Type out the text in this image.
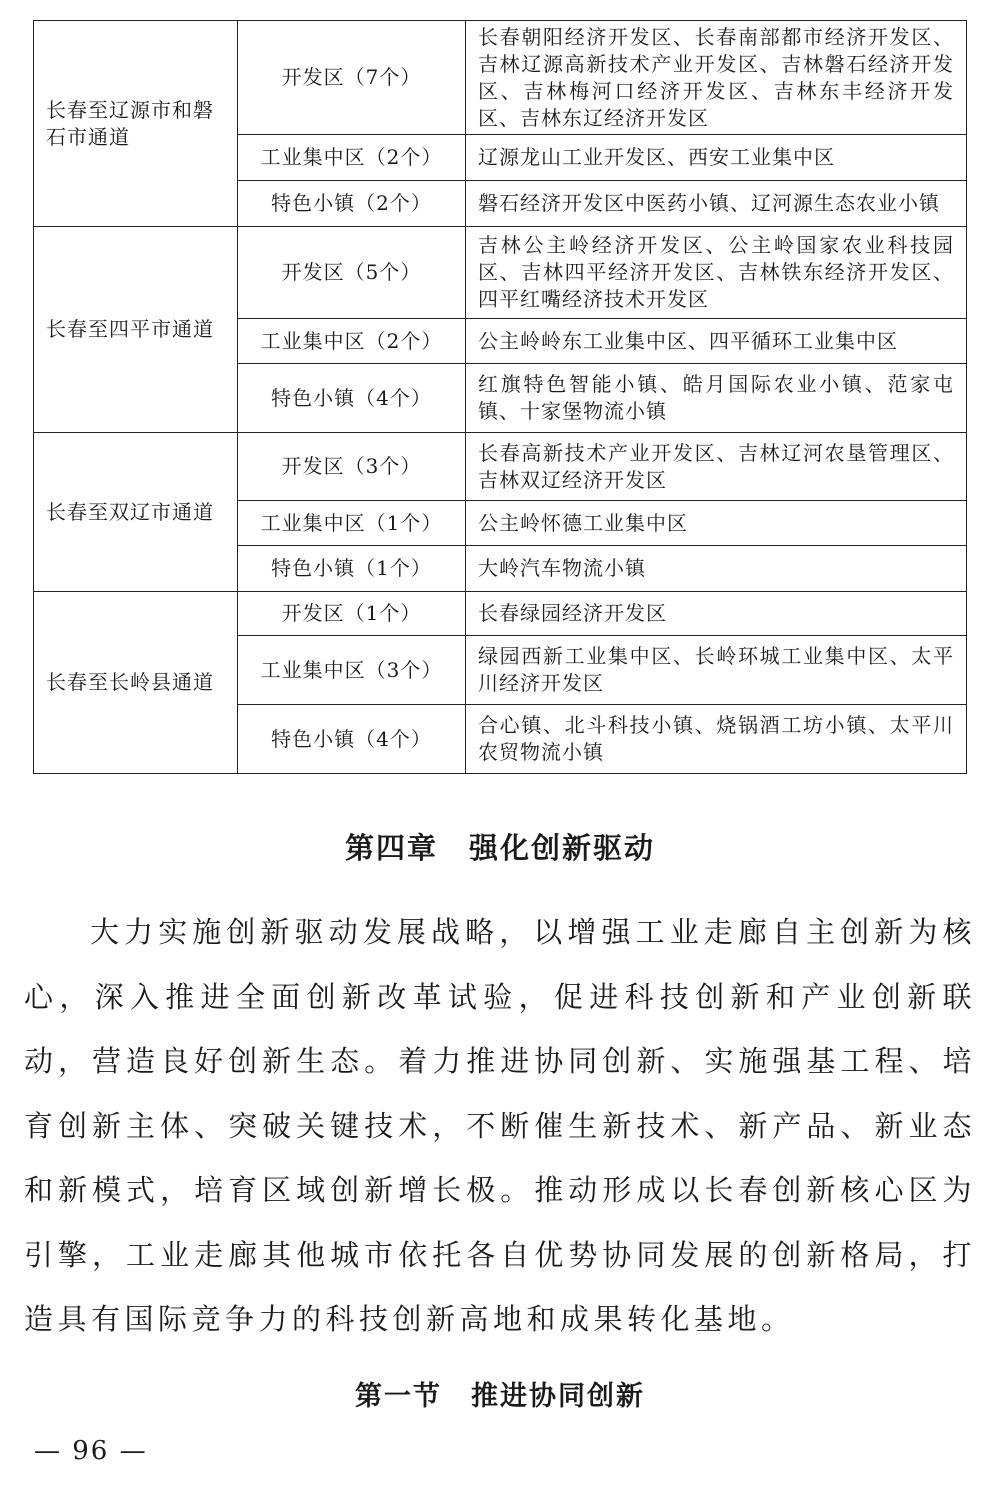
长春至辽源市和磐石市通道	开发区（7个）	长春朝阳经济开发区、长春南部都市经济开发区、吉林辽源高新技术产业开发区、吉林磐石经济开发区、吉林梅河口经济开发区、吉林东丰经济开发区、吉林东辽经济开发区
	工业集中区（2个）	辽源龙山工业开发区、西安工业集中区
	特色小镇（2个）	磐石经济开发区中医药小镇、辽河源生态农业小镇
长春至四平市通道	开发区（5个）	吉林公主岭经济开发区、公主岭国家农业科技园区、吉林四平经济开发区、吉林铁东经济开发区、四平红嘴经济技术开发区
	工业集中区（2个）	公主岭岭东工业集中区、四平循环工业集中区
	特色小镇（4个）	红旗特色智能小镇、皓月国际农业小镇、范家屯镇、十家堡物流小镇
长春至双辽市通道	开发区（3个）	长春高新技术产业开发区、吉林辽河农垦管理区、吉林双辽经济开发区
	工业集中区（1个）	公主岭怀德工业集中区
	特色小镇（1个）	大岭汽车物流小镇
长春至长岭县通道	开发区（1个）	长春绿园经济开发区
	工业集中区（3个）	绿园西新工业集中区、长岭环城工业集中区、太平川经济开发区
	特色小镇（4个）	合心镇、北斗科技小镇、烧锅酒工坊小镇、太平川农贸物流小镇
第四章　强化创新驱动

大力实施创新驱动发展战略，以增强工业走廊自主创新为核心，深入推进全面创新改革试验，促进科技创新和产业创新联动，营造良好创新生态。着力推进协同创新、实施强基工程、培育创新主体、突破关键技术，不断催生新技术、新产品、新业态和新模式，培育区域创新增长极。推动形成以长春创新核心区为引擎，工业走廊其他城市依托各自优势协同发展的创新格局，打造具有国际竞争力的科技创新高地和成果转化基地。

第一节　推进协同创新
— 96 —
